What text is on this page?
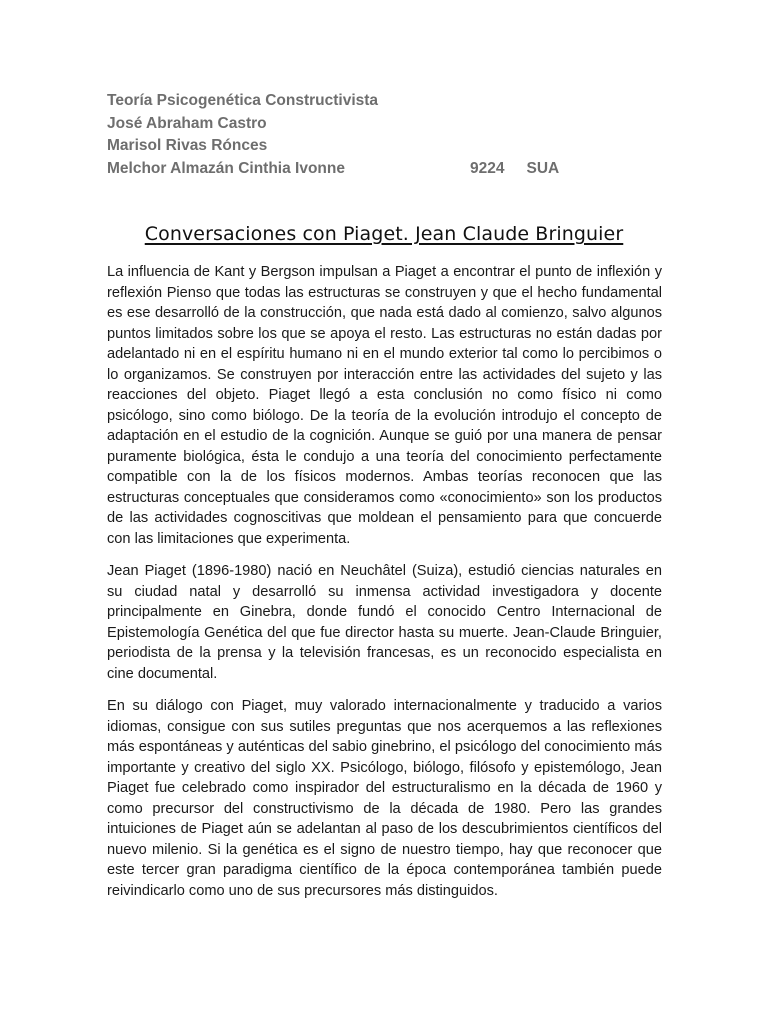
Teoría Psicogenética Constructivista
José Abraham Castro
Marisol Rivas Rónces
Melchor Almazán Cinthia Ivonne	9224 SUA
Conversaciones con Piaget. Jean Claude Bringuier

La influencia de Kant y Bergson impulsan a Piaget a encontrar el punto de inflexión y reflexión Pienso que todas las estructuras se construyen y que el hecho fundamental es ese desarrolló de la construcción, que nada está dado al comienzo, salvo algunos puntos limitados sobre los que se apoya el resto. Las estructuras no están dadas por adelantado ni en el espíritu humano ni en el mundo exterior tal como lo percibimos o lo organizamos. Se construyen por interacción entre las actividades del sujeto y las reacciones del objeto. Piaget llegó a esta conclusión no como físico ni como psicólogo, sino como biólogo. De la teoría de la evolución introdujo el concepto de adaptación en el estudio de la cognición. Aunque se guió por una manera de pensar puramente biológica, ésta le condujo a una teoría del conocimiento perfectamente compatible con la de los físicos modernos. Ambas teorías reconocen que las estructuras conceptuales que consideramos como «conocimiento» son los productos de las actividades cognoscitivas que moldean el pensamiento para que concuerde con las limitaciones que experimenta.

Jean Piaget (1896-1980) nació en Neuchâtel (Suiza), estudió ciencias naturales en su ciudad natal y desarrolló su inmensa actividad investigadora y docente principalmente en Ginebra, donde fundó el conocido Centro Internacional de Epistemología Genética del que fue director hasta su muerte. Jean-Claude Bringuier, periodista de la prensa y la televisión francesas, es un reconocido especialista en cine documental.

En su diálogo con Piaget, muy valorado internacionalmente y traducido a varios idiomas, consigue con sus sutiles preguntas que nos acerquemos a las reflexiones más espontáneas y auténticas del sabio ginebrino, el psicólogo del conocimiento más importante y creativo del siglo XX. Psicólogo, biólogo, filósofo y epistemólogo, Jean Piaget fue celebrado como inspirador del estructuralismo en la década de 1960 y como precursor del constructivismo de la década de 1980. Pero las grandes intuiciones de Piaget aún se adelantan al paso de los descubrimientos científicos del nuevo milenio. Si la genética es el signo de nuestro tiempo, hay que reconocer que este tercer gran paradigma científico de la época contemporánea también puede reivindicarlo como uno de sus precursores más distinguidos.
